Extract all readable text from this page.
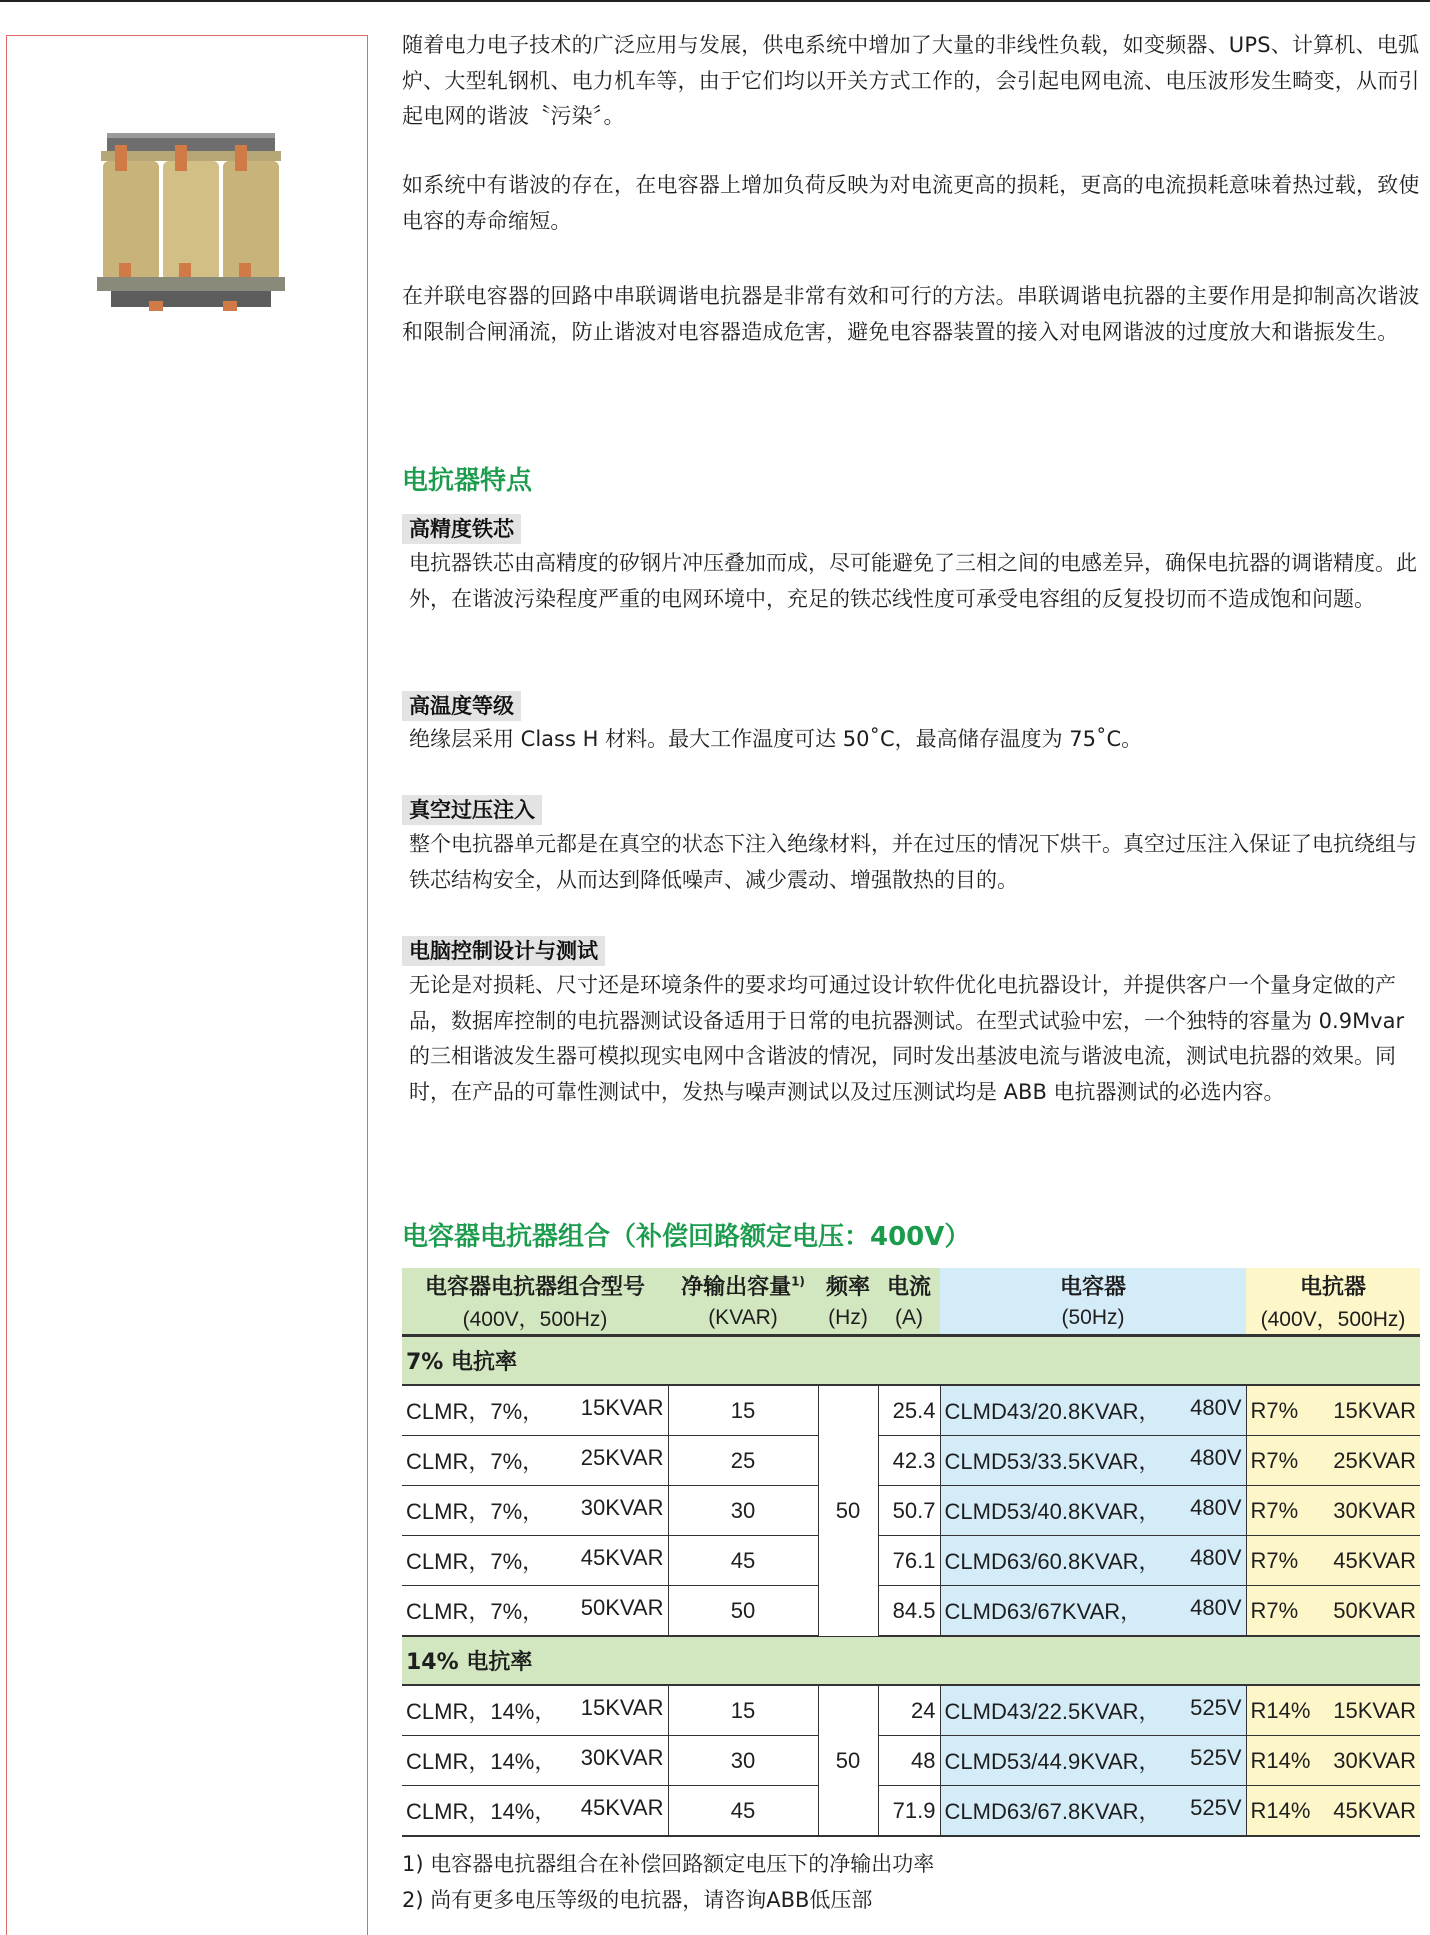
随着电力电子技术的广泛应用与发展，供电系统中增加了大量的非线性负载，如变频器、UPS、计算机、电弧炉、大型轧钢机、电力机车等，由于它们均以开关方式工作的，会引起电网电流、电压波形发生畸变，从而引起电网的谐波〝污染〞。

如系统中有谐波的存在，在电容器上增加负荷反映为对电流更高的损耗，更高的电流损耗意味着热过载，致使电容的寿命缩短。

在并联电容器的回路中串联调谐电抗器是非常有效和可行的方法。串联调谐电抗器的主要作用是抑制高次谐波和限制合闸涌流，防止谐波对电容器造成危害，避免电容器装置的接入对电网谐波的过度放大和谐振发生。

电抗器特点
高精度铁芯

电抗器铁芯由高精度的矽钢片冲压叠加而成，尽可能避免了三相之间的电感差异，确保电抗器的调谐精度。此外，在谐波污染程度严重的电网环境中，充足的铁芯线性度可承受电容组的反复投切而不造成饱和问题。

高温度等级

绝缘层采用 Class H 材料。最大工作温度可达 50˚C，最高储存温度为 75˚C。

真空过压注入

整个电抗器单元都是在真空的状态下注入绝缘材料，并在过压的情况下烘干。真空过压注入保证了电抗绕组与铁芯结构安全，从而达到降低噪声、减少震动、增强散热的目的。

电脑控制设计与测试

无论是对损耗、尺寸还是环境条件的要求均可通过设计软件优化电抗器设计，并提供客户一个量身定做的产品，数据库控制的电抗器测试设备适用于日常的电抗器测试。在型式试验中宏，一个独特的容量为 0.9Mvar 的三相谐波发生器可模拟现实电网中含谐波的情况，同时发出基波电流与谐波电流，测试电抗器的效果。同时，在产品的可靠性测试中，发热与噪声测试以及过压测试均是 ABB 电抗器测试的必选内容。

电容器电抗器组合（补偿回路额定电压：400V）
电容器电抗器组合型号	净输出容量$^{1)}$	频率	电流	电容器	电抗器
(400V，500Hz)	(KVAR)	(Hz)	(A)	(50Hz)	(400V，500Hz)
7% 电抗率					

CLMR，7%， 15KVAR	15	50	25.4	CLMD43/20.8KVAR， 480V	R7% 15KVAR

CLMR，7%， 25KVAR	25		42.3	CLMD53/33.5KVAR， 480V	R7% 25KVAR

CLMR，7%， 30KVAR	30		50.7	CLMD53/40.8KVAR， 480V	R7% 30KVAR

CLMR，7%， 45KVAR	45		76.1	CLMD63/60.8KVAR， 480V	R7% 45KVAR

CLMR，7%， 50KVAR	50		84.5	CLMD63/67KVAR， 480V	R7% 50KVAR

14% 电抗率					

CLMR，14%， 15KVAR	15	50	24	CLMD43/22.5KVAR， 525V	R14% 15KVAR

CLMR，14%， 30KVAR	30		48	CLMD53/44.9KVAR， 525V	R14% 30KVAR

CLMR，14%， 45KVAR	45		71.9	CLMD63/67.8KVAR， 525V	R14% 45KVAR
1) 电容器电抗器组合在补偿回路额定电压下的净输出功率
2) 尚有更多电压等级的电抗器，请咨询ABB低压部
